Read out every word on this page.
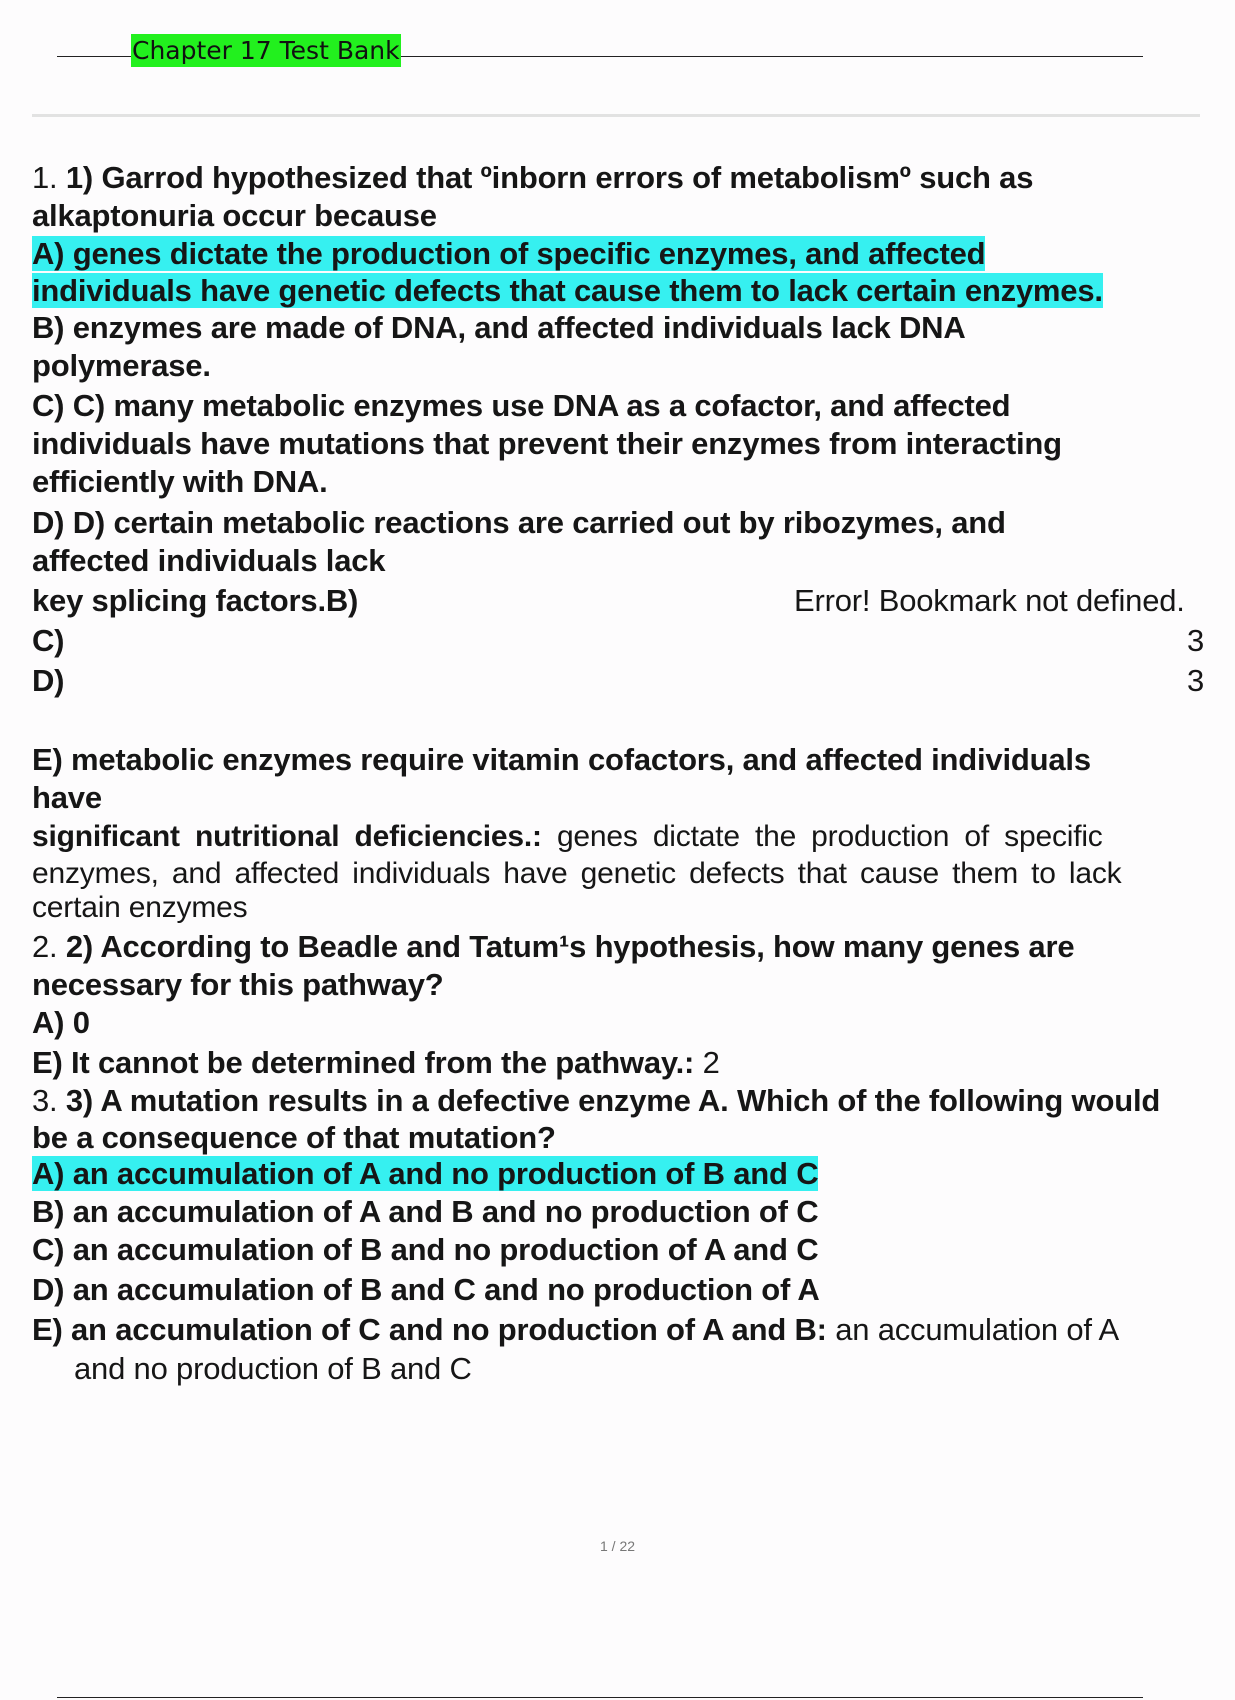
Chapter 17 Test Bank
1. 1) Garrod hypothesized that ºinborn errors of metabolismº such as
alkaptonuria occur because
A) genes dictate the production of specific enzymes, and affected
individuals have genetic defects that cause them to lack certain enzymes.
B) enzymes are made of DNA, and affected individuals lack DNA
polymerase.
C) C) many metabolic enzymes use DNA as a cofactor, and affected
individuals have mutations that prevent their enzymes from interacting
efficiently with DNA.
D) D) certain metabolic reactions are carried out by ribozymes, and
affected individuals lack
key splicing factors.B)	Error! Bookmark not defined.
C)	3
D)	3
E) metabolic enzymes require vitamin cofactors, and affected individuals
have
significant nutritional deficiencies.: genes dictate the production of specific
enzymes, and affected individuals have genetic defects that cause them to lack
certain enzymes
2. 2) According to Beadle and Tatum¹s hypothesis, how many genes are
necessary for this pathway?
A) 0
E) It cannot be determined from the pathway.: 2
3. 3) A mutation results in a defective enzyme A. Which of the following would
be a consequence of that mutation?
A) an accumulation of A and no production of B and C
B) an accumulation of A and B and no production of C
C) an accumulation of B and no production of A and C
D) an accumulation of B and C and no production of A
E) an accumulation of C and no production of A and B: an accumulation of A
and no production of B and C
1 / 22
